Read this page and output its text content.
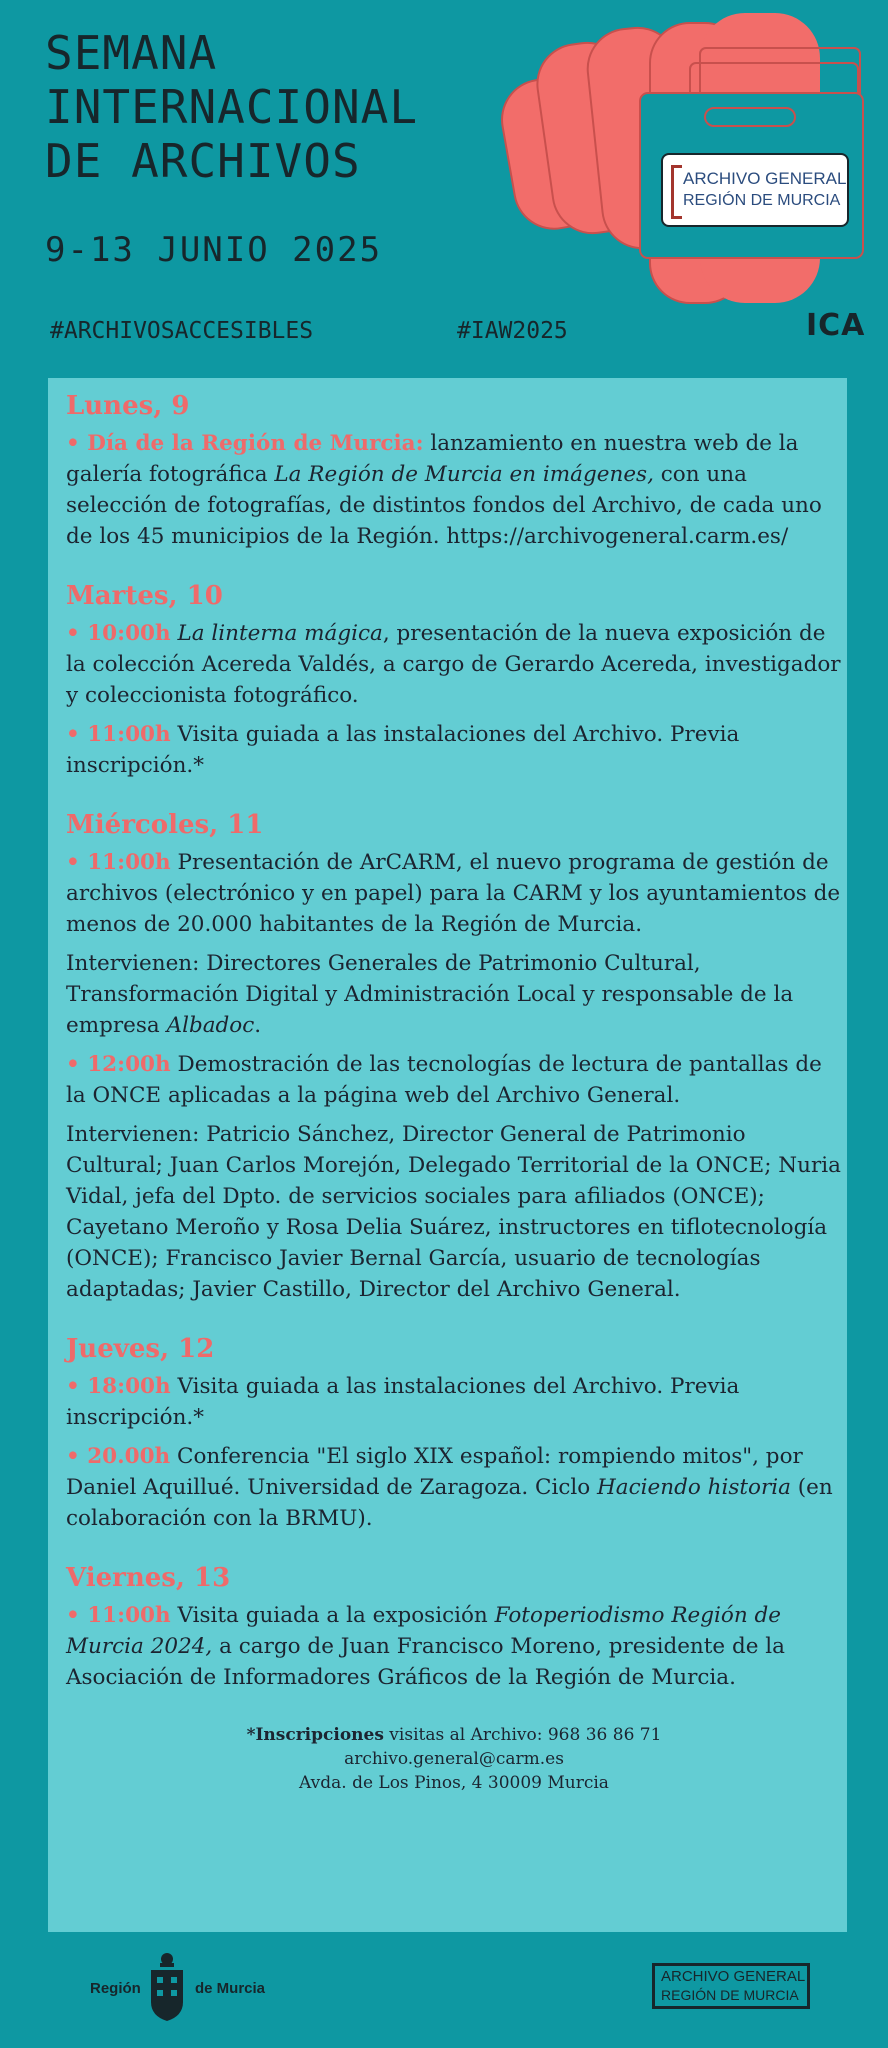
SEMANA
INTERNACIONAL
DE ARCHIVOS
9-13 JUNIO 2025
#ARCHIVOSACCESIBLES	#IAW2025	ICA
ARCHIVO GENERAL
REGIÓN DE MURCIA
Lunes, 9
• Día de la Región de Murcia: lanzamiento en nuestra web de la galería fotográfica La Región de Murcia en imágenes, con una selección de fotografías, de distintos fondos del Archivo, de cada uno de los 45 municipios de la Región. https://archivogeneral.carm.es/
Martes, 10
• 10:00h La linterna mágica, presentación de la nueva exposición de la colección Acereda Valdés, a cargo de Gerardo Acereda, investigador y coleccionista fotográfico.
• 11:00h Visita guiada a las instalaciones del Archivo. Previa inscripción.*
Miércoles, 11
• 11:00h Presentación de ArCARM, el nuevo programa de gestión de archivos (electrónico y en papel) para la CARM y los ayuntamientos de menos de 20.000 habitantes de la Región de Murcia.
Intervienen: Directores Generales de Patrimonio Cultural, Transformación Digital y Administración Local y responsable de la empresa Albadoc.
• 12:00h Demostración de las tecnologías de lectura de pantallas de la ONCE aplicadas a la página web del Archivo General.
Intervienen: Patricio Sánchez, Director General de Patrimonio Cultural; Juan Carlos Morejón, Delegado Territorial de la ONCE; Nuria Vidal, jefa del Dpto. de servicios sociales para afiliados (ONCE); Cayetano Meroño y Rosa Delia Suárez, instructores en tiflotecnología (ONCE); Francisco Javier Bernal García, usuario de tecnologías adaptadas; Javier Castillo, Director del Archivo General.
Jueves, 12
• 18:00h Visita guiada a las instalaciones del Archivo. Previa inscripción.*
• 20.00h Conferencia "El siglo XIX español: rompiendo mitos", por Daniel Aquillué. Universidad de Zaragoza. Ciclo Haciendo historia (en colaboración con la BRMU).
Viernes, 13
• 11:00h Visita guiada a la exposición Fotoperiodismo Región de Murcia 2024, a cargo de Juan Francisco Moreno, presidente de la Asociación de Informadores Gráficos de la Región de Murcia.
*Inscripciones visitas al Archivo: 968 36 86 71
archivo.general@carm.es
Avda. de Los Pinos, 4 30009 Murcia
Región	de Murcia
ARCHIVO GENERAL
REGIÓN DE MURCIA
